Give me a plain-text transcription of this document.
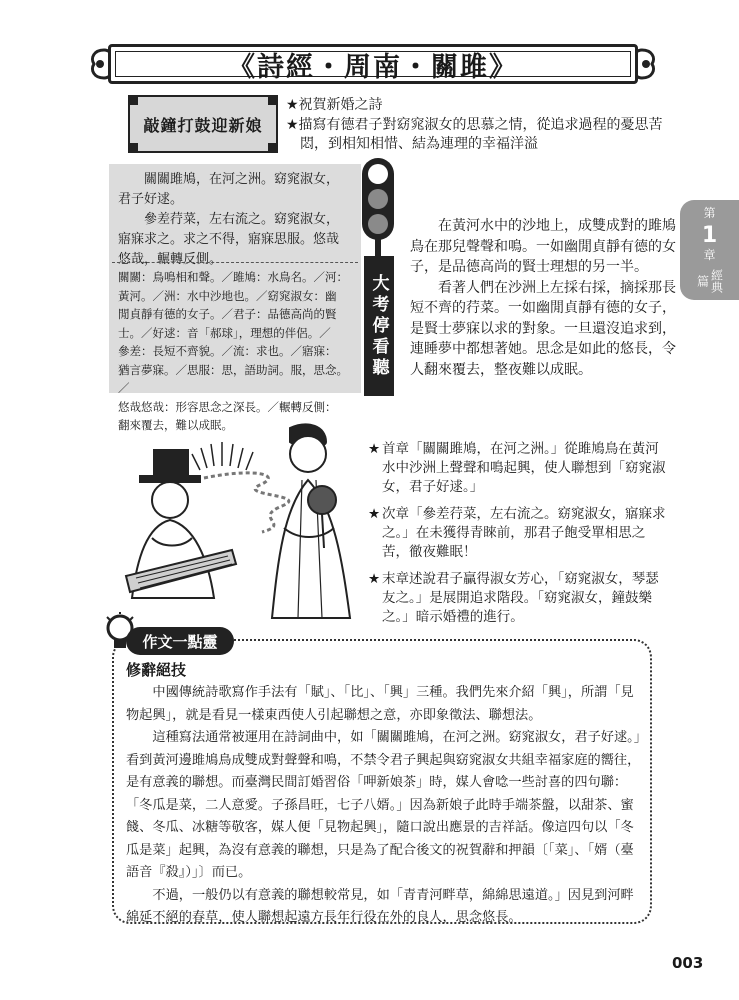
《詩經・周南・關雎》
敲鐘打鼓迎新娘
★祝賀新婚之詩
★描寫有德君子對窈窕淑女的思慕之情，從追求過程的憂思苦悶，到相知相惜、結為連理的幸福洋溢
關關雎鳩，在河之洲。窈窕淑女，
君子好逑。
參差荇菜，左右流之。窈窕淑女，
寤寐求之。求之不得，寤寐思服。悠哉
悠哉，輾轉反側。
關關：鳥鳴相和聲。／雎鳩：水鳥名。／河：
黃河。／洲：水中沙地也。／窈窕淑女：幽
閒貞靜有德的女子。／君子：品德高尚的賢
士。／好逑：音「郝球」，理想的伴侶。／
參差：長短不齊貌。／流：求也。／寤寐：
猶言夢寐。／思服：思，語助詞。服，思念。／
悠哉悠哉：形容思念之深長。／輾轉反側：
翻來覆去，難以成眠。
大考停看聽

在黃河水中的沙地上，成雙成對的雎鳩鳥在那兒聲聲和鳴。一如幽閒貞靜有德的女子，是品德高尚的賢士理想的另一半。

看著人們在沙洲上左採右採，摘採那長短不齊的荇菜。一如幽閒貞靜有德的女子，是賢士夢寐以求的對象。一旦還沒追求到，連睡夢中都想著她。思念是如此的悠長，令人翻來覆去，整夜難以成眠。

第
1
章
經典篇
★ 首章「關關雎鳩，在河之洲。」從雎鳩鳥在黃河水中沙洲上聲聲和鳴起興，使人聯想到「窈窕淑女，君子好逑。」
★ 次章「參差荇菜，左右流之。窈窕淑女，寤寐求之。」在未獲得青睞前，那君子飽受單相思之苦，徹夜難眠！
★ 末章述說君子贏得淑女芳心，「窈窕淑女，琴瑟友之。」是展開追求階段。「窈窕淑女，鐘鼓樂之。」暗示婚禮的進行。
作文一點靈
修辭絕技

中國傳統詩歌寫作手法有「賦」、「比」、「興」三種。我們先來介紹「興」，所謂「見物起興」，就是看見一樣東西使人引起聯想之意，亦即象徵法、聯想法。

這種寫法通常被運用在詩詞曲中，如「關關雎鳩，在河之洲。窈窕淑女，君子好逑。」看到黃河邊雎鳩鳥成雙成對聲聲和鳴，不禁令君子興起與窈窕淑女共組幸福家庭的嚮往，是有意義的聯想。而臺灣民間訂婚習俗「呷新娘茶」時，媒人會唸一些討喜的四句聯：「冬瓜是菜，二人意愛。子孫昌旺，七子八婿。」因為新娘子此時手端茶盤，以甜茶、蜜餞、冬瓜、冰糖等敬客，媒人便「見物起興」，隨口說出應景的吉祥話。像這四句以「冬瓜是菜」起興，為沒有意義的聯想，只是為了配合後文的祝賀辭和押韻〔「菜」、「婿（臺語音『殺』）」〕而已。

不過，一般仍以有意義的聯想較常見，如「青青河畔草，綿綿思遠道。」因見到河畔綿延不絕的春草，使人聯想起遠方長年行役在外的良人，思念悠長。

003
